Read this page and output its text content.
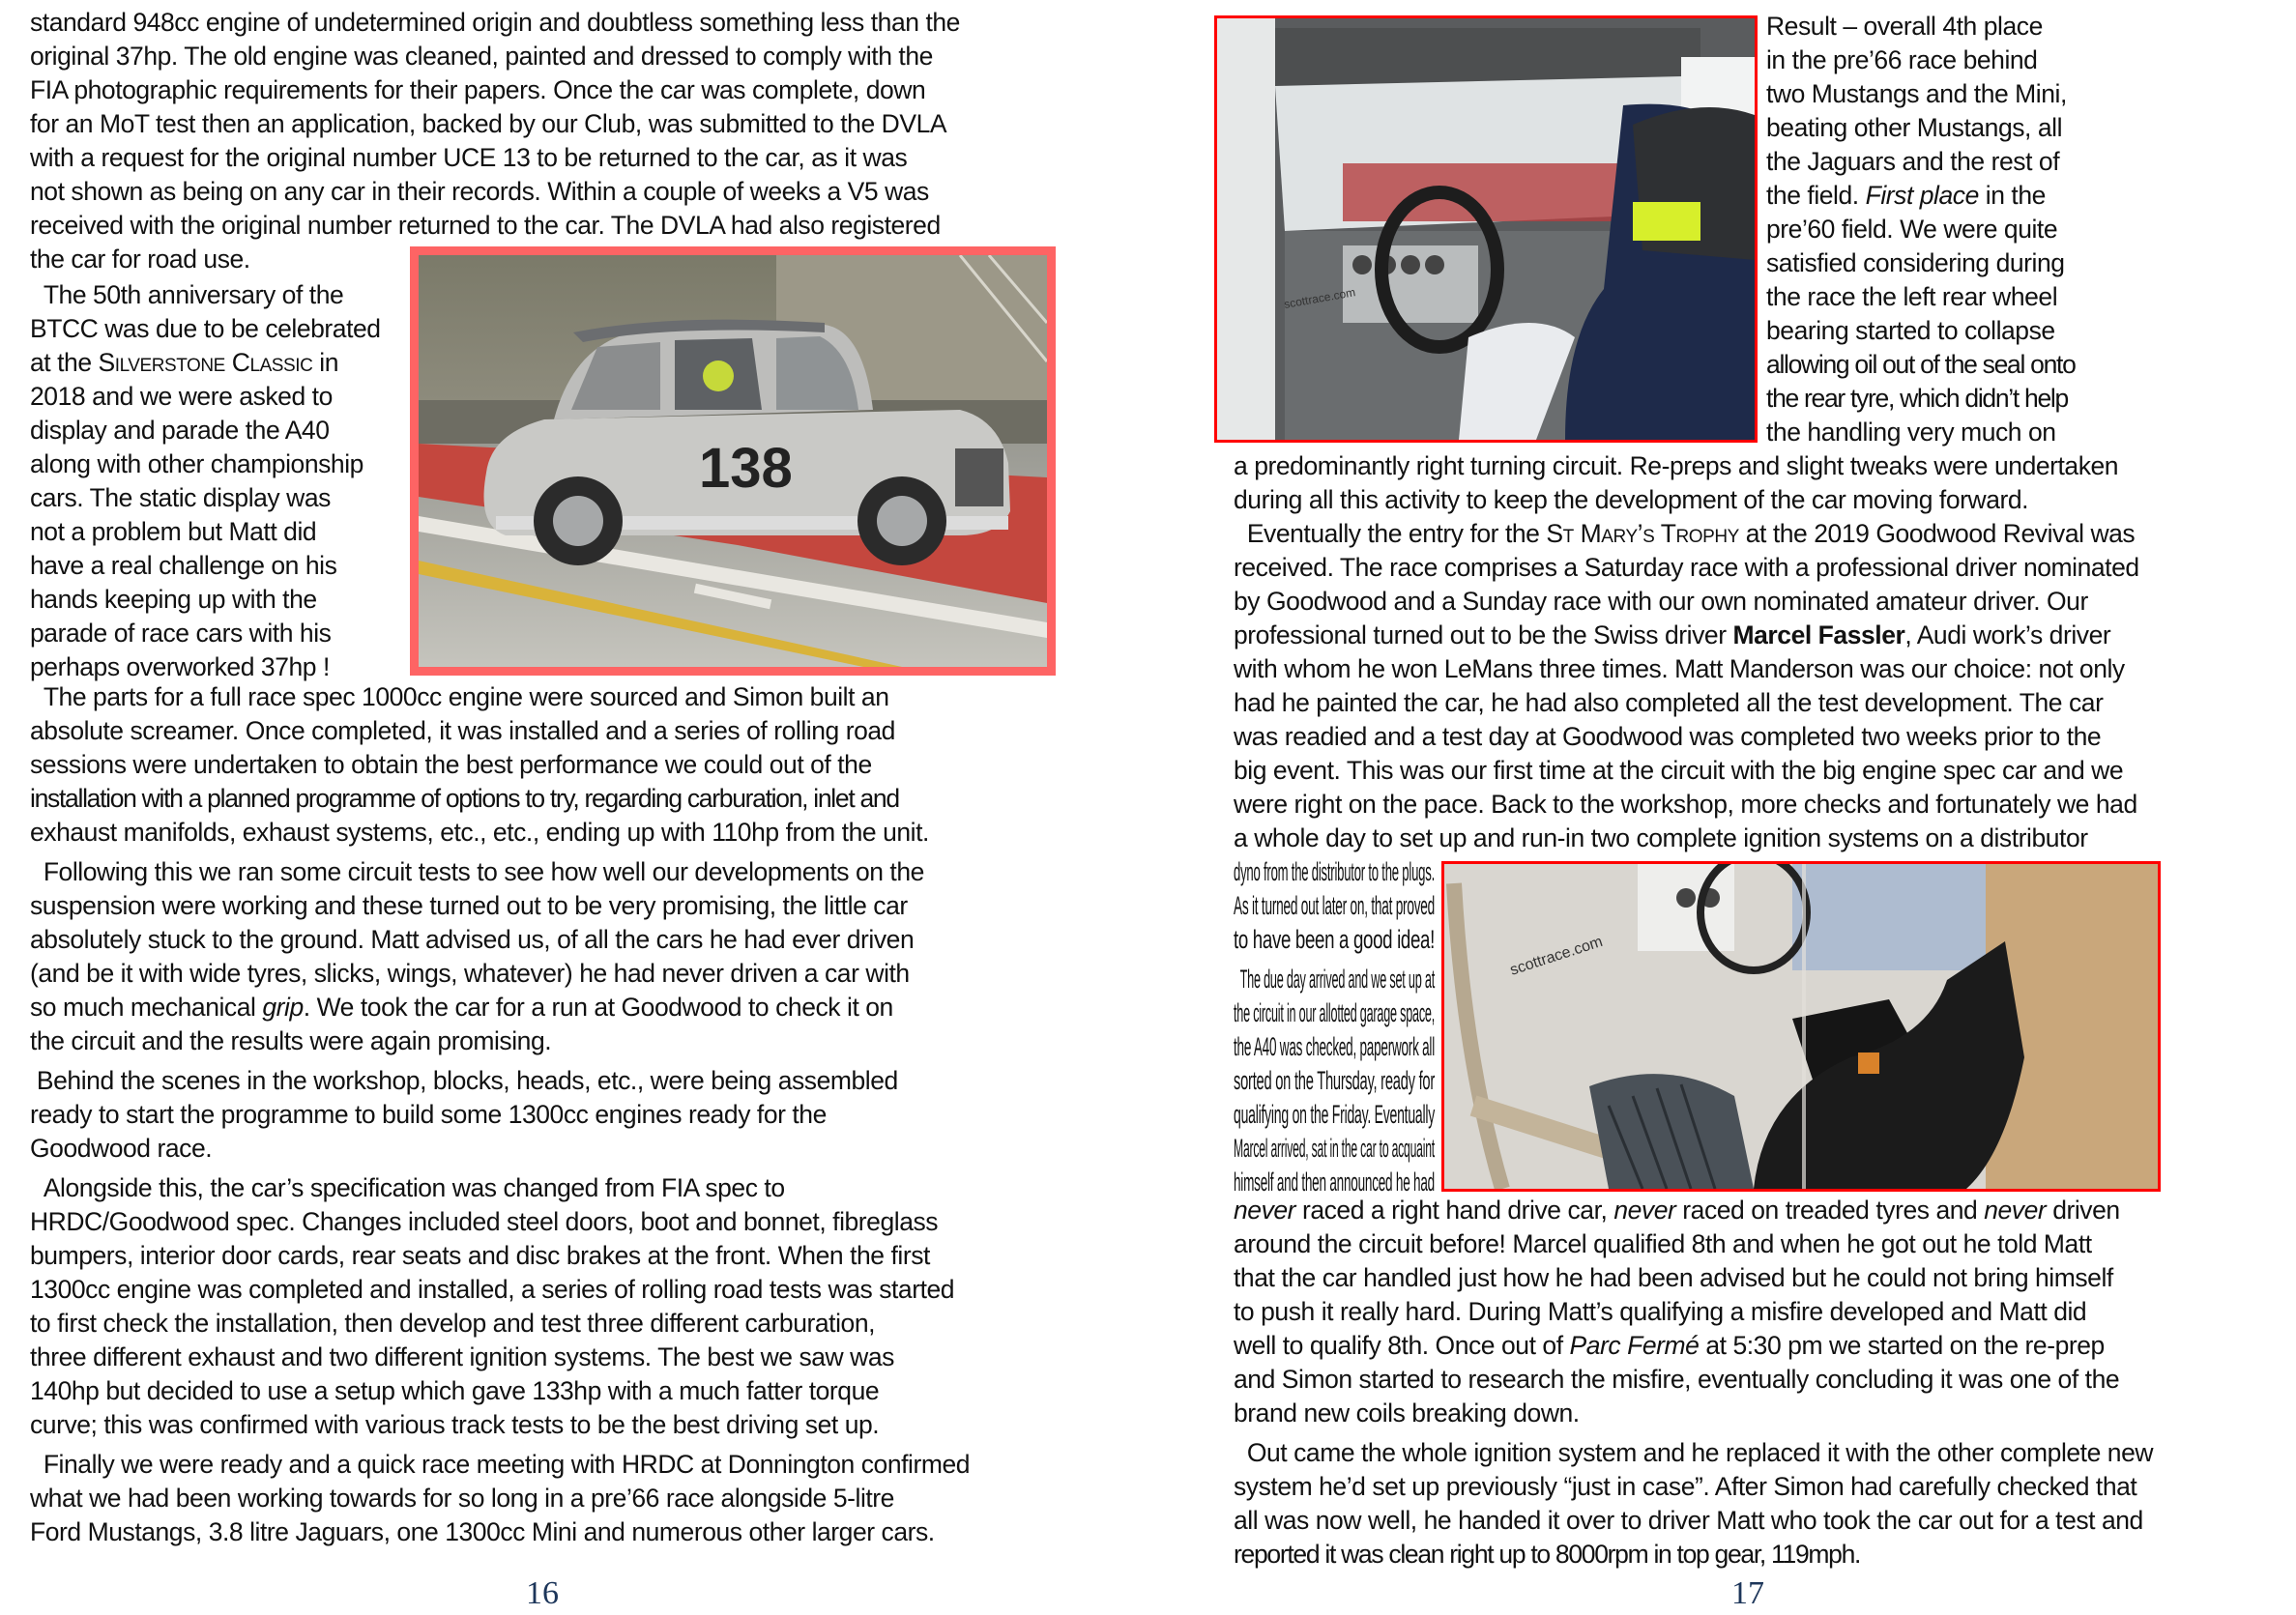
standard 948cc engine of undetermined origin and doubtless something less than the
original 37hp. The old engine was cleaned, painted and dressed to comply with the
FIA photographic requirements for their papers. Once the car was complete, down
for an MoT test then an application, backed by our Club, was submitted to the DVLA
with a request for the original number UCE 13 to be returned to the car, as it was
not shown as being on any car in their records. Within a couple of weeks a V5 was
received with the original number returned to the car. The DVLA had also registered
the car for road use.
The 50th anniversary of the
BTCC was due to be celebrated
at the Silverstone Classic in
2018 and we were asked to
display and parade the A40
along with other championship
cars. The static display was
not a problem but Matt did
have a real challenge on his
hands keeping up with the
parade of race cars with his
perhaps overworked 37hp !
138
The parts for a full race spec 1000cc engine were sourced and Simon built an
absolute screamer. Once completed, it was installed and a series of rolling road
sessions were undertaken to obtain the best performance we could out of the
installation with a planned programme of options to try, regarding carburation, inlet and
exhaust manifolds, exhaust systems, etc., etc., ending up with 110hp from the unit.
Following this we ran some circuit tests to see how well our developments on the
suspension were working and these turned out to be very promising, the little car
absolutely stuck to the ground. Matt advised us, of all the cars he had ever driven
(and be it with wide tyres, slicks, wings, whatever) he had never driven a car with
so much mechanical grip. We took the car for a run at Goodwood to check it on
the circuit and the results were again promising.
Behind the scenes in the workshop, blocks, heads, etc., were being assembled
ready to start the programme to build some 1300cc engines ready for the
Goodwood race.
Alongside this, the car’s specification was changed from FIA spec to
HRDC/Goodwood spec. Changes included steel doors, boot and bonnet, fibreglass
bumpers, interior door cards, rear seats and disc brakes at the front. When the first
1300cc engine was completed and installed, a series of rolling road tests was started
to first check the installation, then develop and test three different carburation,
three different exhaust and two different ignition systems. The best we saw was
140hp but decided to use a setup which gave 133hp with a much fatter torque
curve; this was confirmed with various track tests to be the best driving set up.
Finally we were ready and a quick race meeting with HRDC at Donnington confirmed
what we had been working towards for so long in a pre’66 race alongside 5-litre
Ford Mustangs, 3.8 litre Jaguars, one 1300cc Mini and numerous other larger cars.
16
scottrace.com
Result – overall 4th place
in the pre’66 race behind
two Mustangs and the Mini,
beating other Mustangs, all
the Jaguars and the rest of
the field. First place in the
pre’60 field. We were quite
satisfied considering during
the race the left rear wheel
bearing started to collapse
allowing oil out of the seal onto
the rear tyre, which didn’t help
the handling very much on
a predominantly right turning circuit. Re-preps and slight tweaks were undertaken
during all this activity to keep the development of the car moving forward.
Eventually the entry for the St Mary’s Trophy at the 2019 Goodwood Revival was
received. The race comprises a Saturday race with a professional driver nominated
by Goodwood and a Sunday race with our own nominated amateur driver. Our
professional turned out to be the Swiss driver Marcel Fassler, Audi work’s driver
with whom he won LeMans three times. Matt Manderson was our choice: not only
had he painted the car, he had also completed all the test development. The car
was readied and a test day at Goodwood was completed two weeks prior to the
big event. This was our first time at the circuit with the big engine spec car and we
were right on the pace. Back to the workshop, more checks and fortunately we had
a whole day to set up and run-in two complete ignition systems on a distributor
dyno from the distributor to the plugs.
As it turned out later on, that proved
to have been a good idea!
The due day arrived and we set up at
the circuit in our allotted garage space,
the A40 was checked, paperwork all
sorted on the Thursday, ready for
qualifying on the Friday. Eventually
Marcel arrived, sat in the car to acquaint
himself and then announced he had
scottrace.com
never raced a right hand drive car, never raced on treaded tyres and never driven
around the circuit before! Marcel qualified 8th and when he got out he told Matt
that the car handled just how he had been advised but he could not bring himself
to push it really hard. During Matt’s qualifying a misfire developed and Matt did
well to qualify 8th. Once out of Parc Fermé at 5:30 pm we started on the re-prep
and Simon started to research the misfire, eventually concluding it was one of the
brand new coils breaking down.
Out came the whole ignition system and he replaced it with the other complete new
system he’d set up previously “just in case”. After Simon had carefully checked that
all was now well, he handed it over to driver Matt who took the car out for a test and
reported it was clean right up to 8000rpm in top gear, 119mph.
17
